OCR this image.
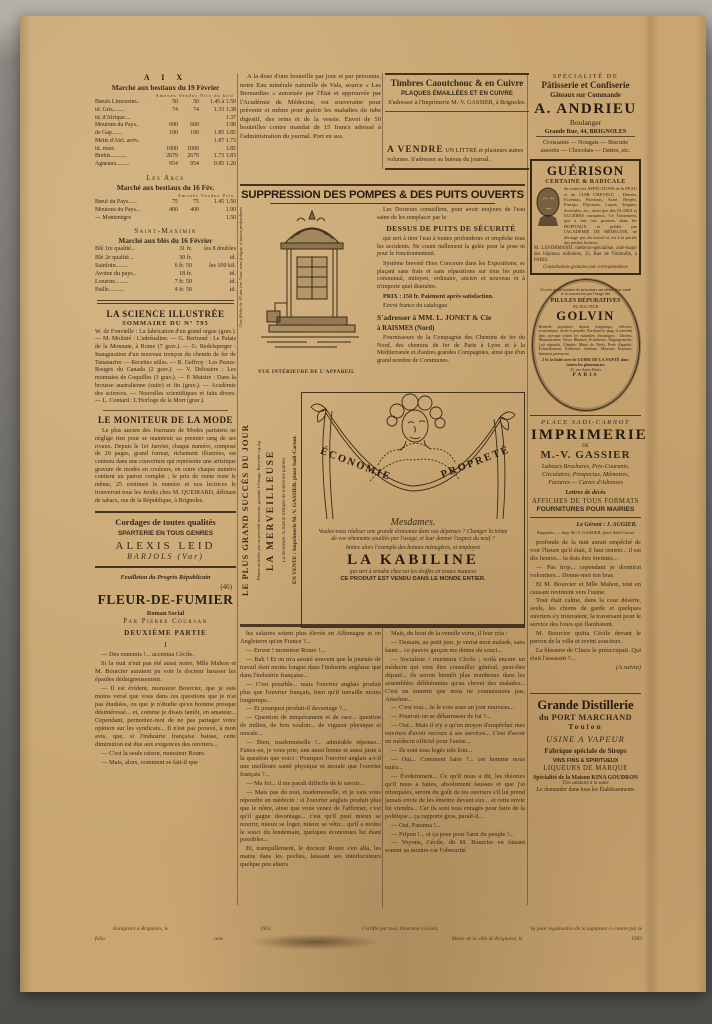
A I X
Marché aux bestiaux du 19 Février
Amenés Vendus Prix du kilo
Bœufs Limousins..	50	50	1.45 à 1.50
id. Gris........	74	74	1.33 1.38
id. d'Afrique....	1.37
Moutons du Pays..	600	600	1.98
de Gap.......	100	100	1.85 1.85
Métis d'Afri. arriv..	1.87 1.73
id. réser.	1000	1000	1.85
Brebis...........	2679	2679	1.73 1.83
Agneaux.........	954	954	0.85 1.20
Les Arcs
Marché aux bestiaux du 16 Fév.
Amenés Vendus Prix
Bœuf du Pays......	75	75	1.45 1.50
Moutons du Pays...	400	400	1.90
— Monténégro	1.50
Saint-Maximin
Marché aux blés du 16 Février
Blé 1re qualité...	31 fr.	les 8 doubles
Blé 2e qualité...	30 fr.	id.
Sainfoin........	6 fr. 50	les 100 kil.
Avoine du pays..	18 fr.	id.
Lozerne.........	7 fr. 50	id.
Paille..........	4 fr. 50	id.
LA SCIENCE ILLUSTRÉE
SOMMAIRE DU N° 795
W. de Fonvielle : La fabrication d'un grand orgue (grav.). — M. Molinié : L'adrénaline. — G. Bertrand : Le Palais de la Monnaie, à Rome (7 grav.). — G. Redelsperger : Inauguration d'un nouveau tronçon du chemin de fer de Tananarive — Recettes utiles. — B. Geffroy : Les Peaux-Rouges du Canada (2 grav.). — V. Delosière : Les monnaies de Coquilles (3 grav.). — P. Maistre : Dans la brousse australienne (suite) et fin (grav.). — Académie des sciences. — Nouvelles scientifiques et faits divers. — L. Contard : L'Horloge de la Mort (grav.).
LE MONITEUR DE LA MODE
Le plus ancien des Journaux de Modes parisiens ne néglige rien pour se maintenir au premier rang de ses rivaux. Depuis le 1er Janvier, chaque numéro, composé de 20 pages, grand format, richement illustrées, est contenu dans une couverture qui représente une artistique gravure de modes en couleurs, en outre chaque numéro contient un patron complet ; le prix de vente reste le même, 25 centimes le numéro et nos lectrices le trouveront tous les Jeudis chez M. QUEIRARD, débitant de tabacs, rue de la République, à Brignoles.
Cordages de toutes qualités
SPARTERIE EN TOUS GENRES
ALEXIS LEID
BARJOLS (Var)
Feuilleton du Progrès Républicain
(46)
FLEUR-DE-FUMIER
Roman Social
Par Pierre Coursan
DEUXIÈME PARTIE
I

— Des ennemis !... accentua Cécile.

Si la nuit n'eut pas été aussi noire, Mlle Mahon et M. Bourcier auraient pu voir le docteur hausser les épaules dédaigneusement.

— Il est évident, monsieur Bourcier, que je suis moins versé que vous dans ces questions que je n'ai pas étudiées, ou que je n'étudie qu'en homme presque désintéressé... et, comme je disais tantôt, en amateur... Cependant, permettez-moi de ne pas partager votre opinion sur les syndicats... Il n'est pas prouvé, à mon avis, que, si l'industrie française baisse, cette diminution est due aux exigences des ouvriers...

— C'est la seule raison, monsieur Roure.

— Mais, alors, comment se fait-il que

A la dose d'une bouteille par jour et par personne, notre Eau minérale naturelle de Vals, source « Les Bernardins » autorisée par l'État et approuvée par l'Académie de Médecine, est souveraine pour prévenir et même pour guérir les maladies du tube digestif, des reins et de la vessie. Envoi de 50 bouteilles contre mandat de 15 francs adressé à l'administration du journal. Port en sus.
Timbres Caoutchouc & en Cuivre
PLAQUES ÉMAILLÉES ET EN CUIVRE
S'adresser à l'Imprimerie M.-V. GASSIER, à Brignoles.
A VENDRE UN LITTRÉ et plusieurs autres volumes. S'adresser au bureau du journal.
SUPPRESSION DES POMPES & DES PUITS OUVERTS
Une filette de 10 ans tire l'eau, sans fatigue, à toutes profondeurs
VUE INTÉRIEURE DE L'APPAREIL

Les Docteurs conseillent, pour avoir toujours de l'eau saine de les remplacer par le

DESSUS DE PUITS DE SÉCURITÉ

qui sert à tirer l'eau à toutes profondeurs et empêche tous les accidents. Ne craint nullement la gelée pour la pose ni pour le fonctionnement.

Système breveté Hors Concours dans les Expositions, se plaçant sans frais et sans réparations sur tous les puits communal, mitoyen, ordinaire, ancien et nouveau et à n'importe quel diamètre.

PRIX : 150 fr. Paiement après satisfaction.

Envoi franco du catalogue.

S'adresser à MM. L. JONET & Cie

à RAISMES (Nord)

Fournisseurs de la Compagnie des Chemins de fer du Nord, des chemins de fer de Paris à Lyon et à la Méditerranée et d'autres grandes Compagnies, ainsi que d'un grand nombre de Communes.

LE PLUS GRAND SUCCÈS DU JOUR Plume nickelée par un procédé nouveau, garantie à l'usage. Brevetée s.g.d.g LA MERVEILLEUSE La meilleure, la mieux trempée de toutes les plumes EN VENTE : Imprimerie M.-V. GASSIER, place Sadi-Carnot. ÉCONOMIE	PROPRETÉ
Mesdames.
Voulez-vous réaliser une grande économie dans vos dépenses ? Changer la teinte de vos vêtements souillés par l'usage, et leur donner l'aspect du neuf ?
Imitez alors l'exemple des bonnes ménagères, et employez
LA KABILINE
qui sert à teindre chez soi les étoffes en toutes nuances
CE PRODUIT EST VENDU DANS LE MONDE ENTIER.

les salaires soient plus élevés en Allemagne et en Angleterre qu'en France ?...

— Erreur ! monsieur Roure !...

— Bah ! Et on m'a assuré souvent que la journée de travail était moins longue dans l'industrie anglaise que dans l'industrie française...

— C'est possible... mais l'ouvrier anglais produit plus que l'ouvrier français, bien qu'il travaille moins longtemps...

— Et pourquoi produit-il davantage ?...

— Question de tempérament et de race... question de milieu, de bon vouloir... de vigueur physique et morale...

— Bien, mademoiselle !... admirable réponse... Faites-en, je vous prie, une aussi bonne et aussi juste à la question que voici : Pourquoi l'ouvrier anglais a-t-il une meilleure santé physique et morale que l'ouvrier français ?...

— Ma foi... il me paraît difficile de le savoir...

— Mais pas du tout, mademoiselle, et je vais vous répondre en médecin : si l'ouvrier anglais produit plus que le nôtre, ainsi que vous venez de l'affirmer, c'est qu'il gagne davantage... c'est qu'il peut mieux se nourrir, mieux se loger, mieux se vêtir... qu'il a moins le souci du lendemain, quelques économies lui étant possibles...

Et, tranquillement, le docteur Roure s'en alla, les mains dans les poches, laissant ses interlocuteurs quelque peu ahuris

Mais, du bout de la venelle verte, il leur cria :

— Demain, au petit jour, je verrai mon malade, sans faute... ce pauvre garçon me donne du souci...

— Socialiste ! murmura Cécile ; voilà encore un médecin qui veut être conseiller général, peut-être député... ils seront bientôt plus nombreux dans les assemblées délibérantes qu'au chevet des malades... C'est un ennemi que nous ne connaissions pas, Anselme...

— C'est vrai... Je le vois sous un jour nouveau...

— Pourrait-on se débarrasser de lui ?...

— Oui... Mais il n'y a qu'un moyen d'empêcher mes ouvriers d'avoir recours à ses services... C'est d'avoir un médecin officiel pour l'usine...

— Ils sont tous logés très loin...

— Oui... Comment faire ?... cet homme nous nuira...

— Évidemment... Ce qu'il nous a dit, les théories qu'il nous a faites, absolument fausses et que j'ai rétorquées, seront du goût de tes ouvriers s'il lui prend jamais envie de les émettre devant eux... et cette envie lui viendra... Car ils sont tous enragés pour faire de la politique... ça rapporte gros, paraît-il...

— Oui, Panama !...

— Fripon !... et ça pose pour l'ami du peuple !...

— Voyons, Cécile, dit M. Bourcier en faisant sonner sa montre car l'obscurité

SPÉCIALITÉ DE
Pâtisserie et Confiserie
Gâteaux sur Commande
A. ANDRIEU
Boulanger
Grande Rue, 44, BRIGNOLES
Croissants — Nougats — Biscuits
assortis — Chocolats — Dattes, etc.
GUÉRISON
CERTAINE & RADICALE
de toutes les AFFECTIONS de la PEAU et du CUIR CHEVELU : Dartres, Eczémas, Psoriasis, Acné, Herpès, Prurigo, Pityriasis, Lupus, Teignes, Scrofules, etc., ainsi que des PLAIES et ULCÈRES variqueux. Ce Traitement, qui a fait ses preuves dans les HOPITAUX et publié par l'ACADÉMIE DE MÉDECINE, ne dérange pas du travail et est à la portée des petites bourses.
M. LENORMAND, médecin-spécialiste, aide-major des hôpitaux militaires, 22, Rue de Vintimille, à PARIS.
Consultations gratuites par correspondance
Un très grand nombre de personnes ont rétabli leur santé et la conservent par l'usage des
PILULES DÉPURATIVES
DU DOCTEUR
GOLVIN
Remède populaire depuis longtemps, efficace, économique, facile à prendre. Purifiant le sang, il convient dans presque toutes les maladies chroniques : Dartres, Rhumatismes, Vieux Rhumes, Fraîcheurs, Engorgements, Lait répandu, Glandes, Maux de Nerfs, Perte d'appétit, Échauffement, Faiblesse, Anémie, Mauvais Estomac, Intestins paresseux.
2 fr. la boîte avec le GUIDE DE LA SANTÉ dans toutes les pharmacies
31, rue Saint-Denis
PARIS
PLACE SADI-CARNOT
IMPRIMERIE
DE
M.-V. GASSIER
Labeurs Brochures, Prix-Courants,
Circulaires, Prospectus, Mémoires,
Factures — Cartes d'Adresses
Lettres de décès
AFFICHES DE TOUS FORMATS
FOURNITURES POUR MAIRIES
Le Gérant : J. AUGIER.
Brignoles. — Imp. M.-V. GASSIER, place Sadi-Carnot

profonde de la nuit aurait empêché de voir l'heure qu'il était, il faut rentrer... il est dix heures... tu dois être éreintée...

— Pas trop... cependant je dormirai volontiers... Donne-moi ton bras.

Et M. Bourcier et Mlle Mahon, tout en causant revinrent vers l'usine.

Tout était calme, dans la cour déserte, seuls, les chiens de garde et quelques ouvriers s'y trouvaient, la traversant pour le service des fours qui flambaient.

M. Bourcier quitta Cécile devant le perron de la villa et revint soucieux.

La blessure de Chaze le préoccupait. Qui était l'assassin ?...

(A suivre)

Grande Distillerie
du PORT MARCHAND
Toulon
USINE A VAPEUR
Fabrique spéciale de Sirops
VINS FINS & SPIRITUEUX
LIQUEURS DE MARQUE
Spécialité de la Maison KINA GOUDRON
Très salutaire à la santé
Le demander dans tous les Établissements
Enregistré à Brignoles, le	1903	Certifié par moi, Directeur-Gérant,	Vu pour légalisation de la signature ci-contre par le
folio	case	Maire de la ville de Brignoles, le	1903
